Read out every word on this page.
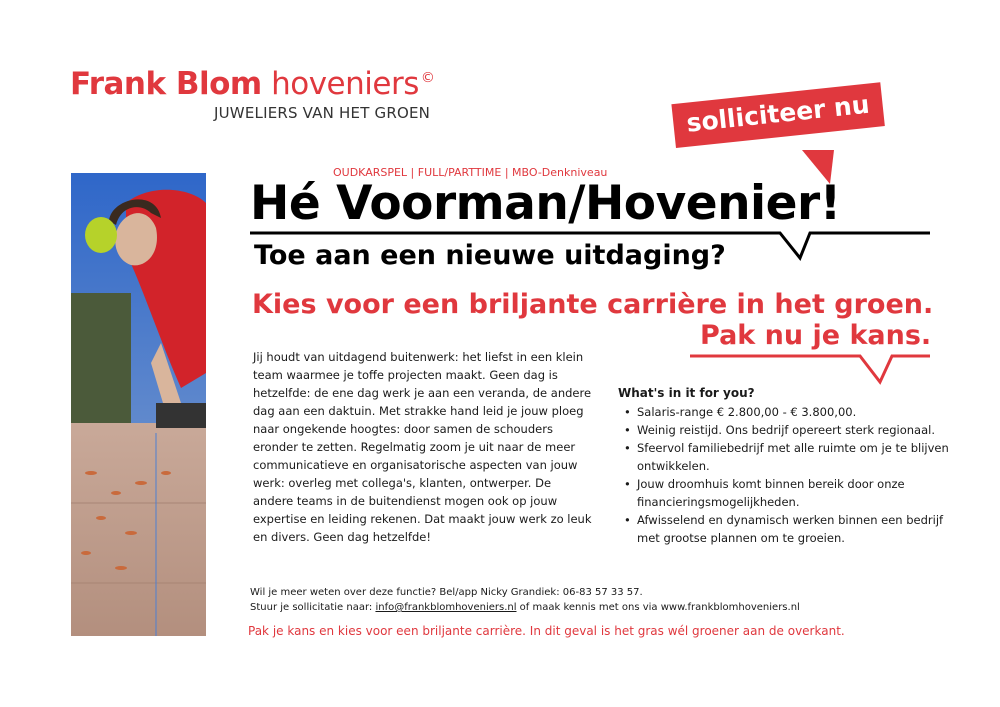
Frank Blom hoveniers ©
JUWELIERS VAN HET GROEN	solliciteer nu
OUDKARSPEL | FULL/PARTTIME | MBO-Denkniveau
Hé Voorman/Hovenier!
Toe aan een nieuwe uitdaging?
Kies voor een briljante carrière in het groen.
Pak nu je kans.
Jij houdt van uitdagend buitenwerk: het liefst in een klein
team waarmee je toffe projecten maakt. Geen dag is
hetzelfde: de ene dag werk je aan een veranda, de andere
dag aan een daktuin. Met strakke hand leid je jouw ploeg
naar ongekende hoogtes: door samen de schouders
eronder te zetten. Regelmatig zoom je uit naar de meer
communicatieve en organisatorische aspecten van jouw
werk: overleg met collega's, klanten, ontwerper. De
andere teams in de buitendienst mogen ook op jouw
expertise en leiding rekenen. Dat maakt jouw werk zo leuk
en divers. Geen dag hetzelfde!
What's in it for you?
• Salaris-range € 2.800,00 - € 3.800,00.
• Weinig reistijd. Ons bedrijf opereert sterk regionaal.
• Sfeervol familiebedrijf met alle ruimte om je te blijven ontwikkelen.
• Jouw droomhuis komt binnen bereik door onze financieringsmogelijkheden.
• Afwisselend en dynamisch werken binnen een bedrijf met grootse plannen om te groeien.
Wil je meer weten over deze functie? Bel/app Nicky Grandiek: 06-83 57 33 57.
Stuur je sollicitatie naar: info@frankblomhoveniers.nl of maak kennis met ons via www.frankblomhoveniers.nl
Pak je kans en kies voor een briljante carrière. In dit geval is het gras wél groener aan de overkant.
